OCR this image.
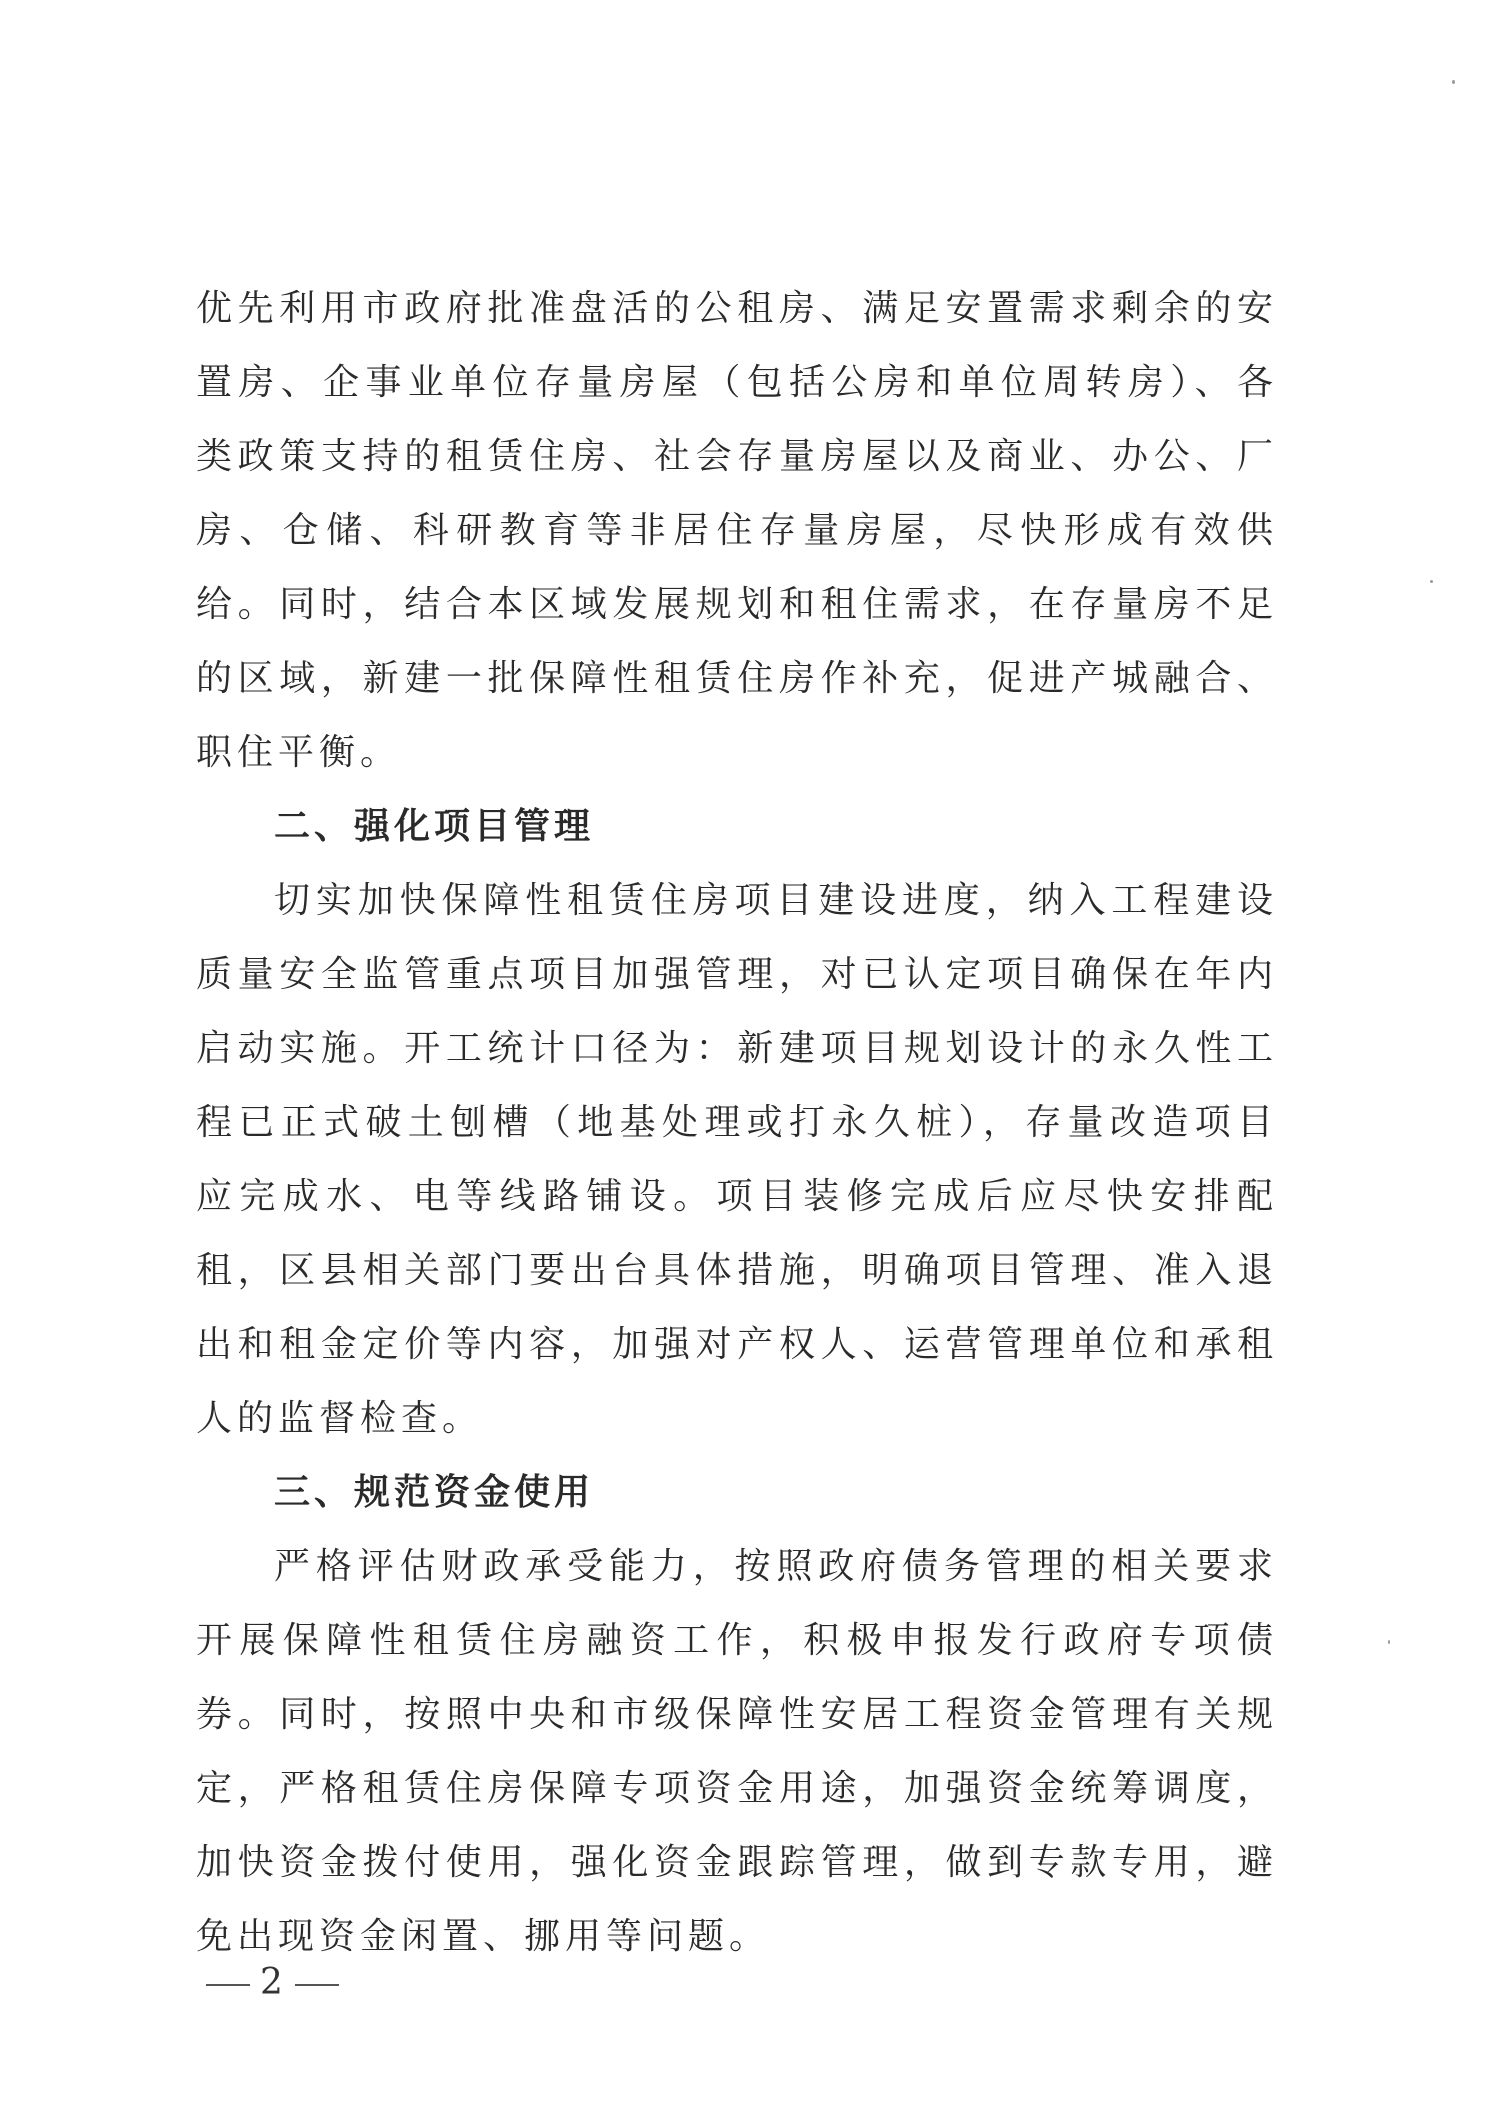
优先利用市政府批准盘活的公租房、满足安置需求剩余的安置房、企事业单位存量房屋（包括公房和单位周转房）、各类政策支持的租赁住房、社会存量房屋以及商业、办公、厂房、仓储、科研教育等非居住存量房屋，尽快形成有效供给。同时，结合本区域发展规划和租住需求，在存量房不足的区域，新建一批保障性租赁住房作补充，促进产城融合、职住平衡。

二、强化项目管理

切实加快保障性租赁住房项目建设进度，纳入工程建设质量安全监管重点项目加强管理，对已认定项目确保在年内启动实施。开工统计口径为：新建项目规划设计的永久性工程已正式破土刨槽（地基处理或打永久桩），存量改造项目应完成水、电等线路铺设。项目装修完成后应尽快安排配租，区县相关部门要出台具体措施，明确项目管理、准入退出和租金定价等内容，加强对产权人、运营管理单位和承租人的监督检查。

三、规范资金使用

严格评估财政承受能力，按照政府债务管理的相关要求开展保障性租赁住房融资工作，积极申报发行政府专项债券。同时，按照中央和市级保障性安居工程资金管理有关规定，严格租赁住房保障专项资金用途，加强资金统筹调度，加快资金拨付使用，强化资金跟踪管理，做到专款专用，避免出现资金闲置、挪用等问题。

2
